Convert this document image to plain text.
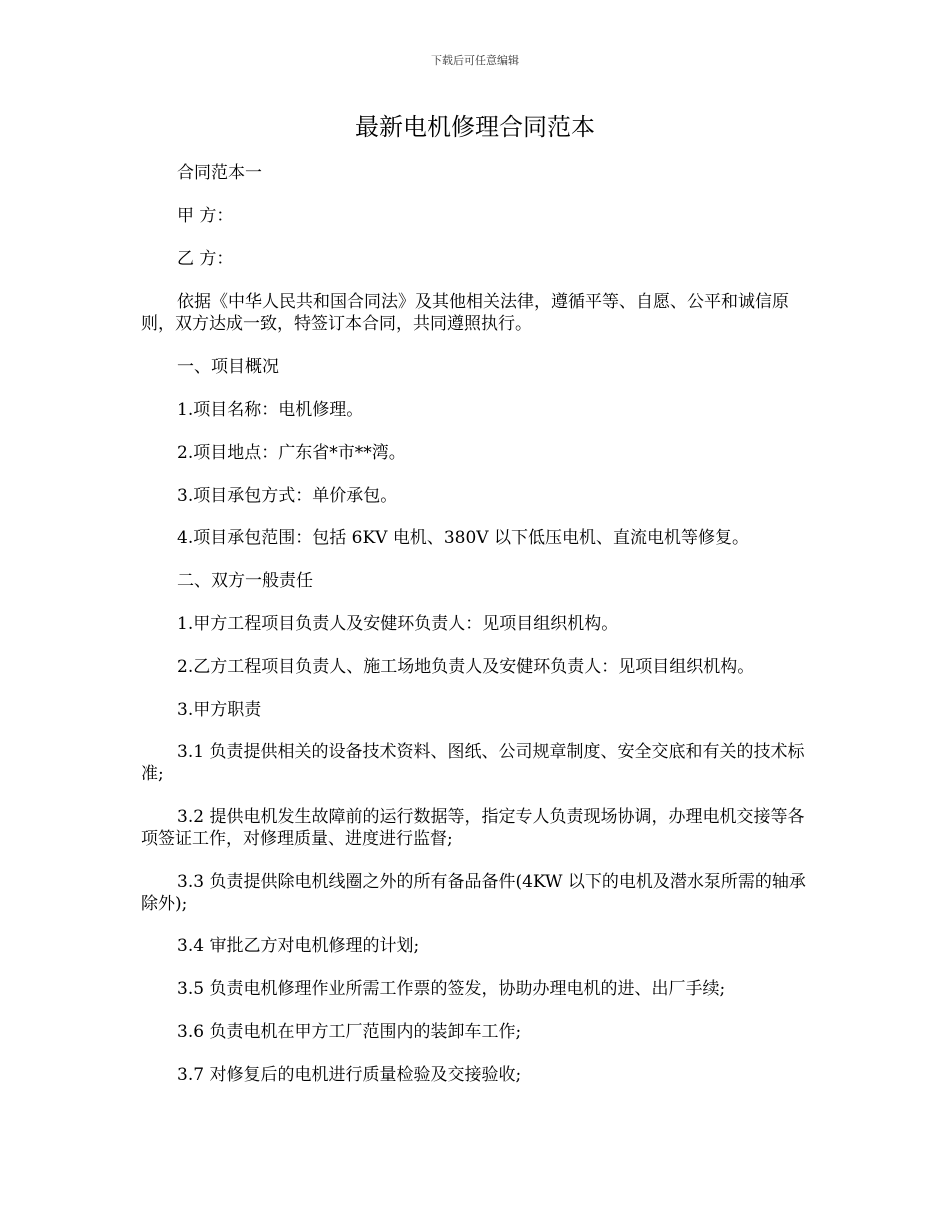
下载后可任意编辑
最新电机修理合同范本

合同范本一

甲 方：

乙 方：

依据《中华人民共和国合同法》及其他相关法律，遵循平等、自愿、公平和诚信原则，双方达成一致，特签订本合同，共同遵照执行。

一、项目概况

1.项目名称：电机修理。

2.项目地点：广东省*市**湾。

3.项目承包方式：单价承包。

4.项目承包范围：包括 6KV 电机、380V 以下低压电机、直流电机等修复。

二、双方一般责任

1.甲方工程项目负责人及安健环负责人：见项目组织机构。

2.乙方工程项目负责人、施工场地负责人及安健环负责人：见项目组织机构。

3.甲方职责

3.1 负责提供相关的设备技术资料、图纸、公司规章制度、安全交底和有关的技术标准;

3.2 提供电机发生故障前的运行数据等，指定专人负责现场协调，办理电机交接等各项签证工作，对修理质量、进度进行监督;

3.3 负责提供除电机线圈之外的所有备品备件(4KW 以下的电机及潜水泵所需的轴承除外);

3.4 审批乙方对电机修理的计划;

3.5 负责电机修理作业所需工作票的签发，协助办理电机的进、出厂手续;

3.6 负责电机在甲方工厂范围内的装卸车工作;

3.7 对修复后的电机进行质量检验及交接验收;
